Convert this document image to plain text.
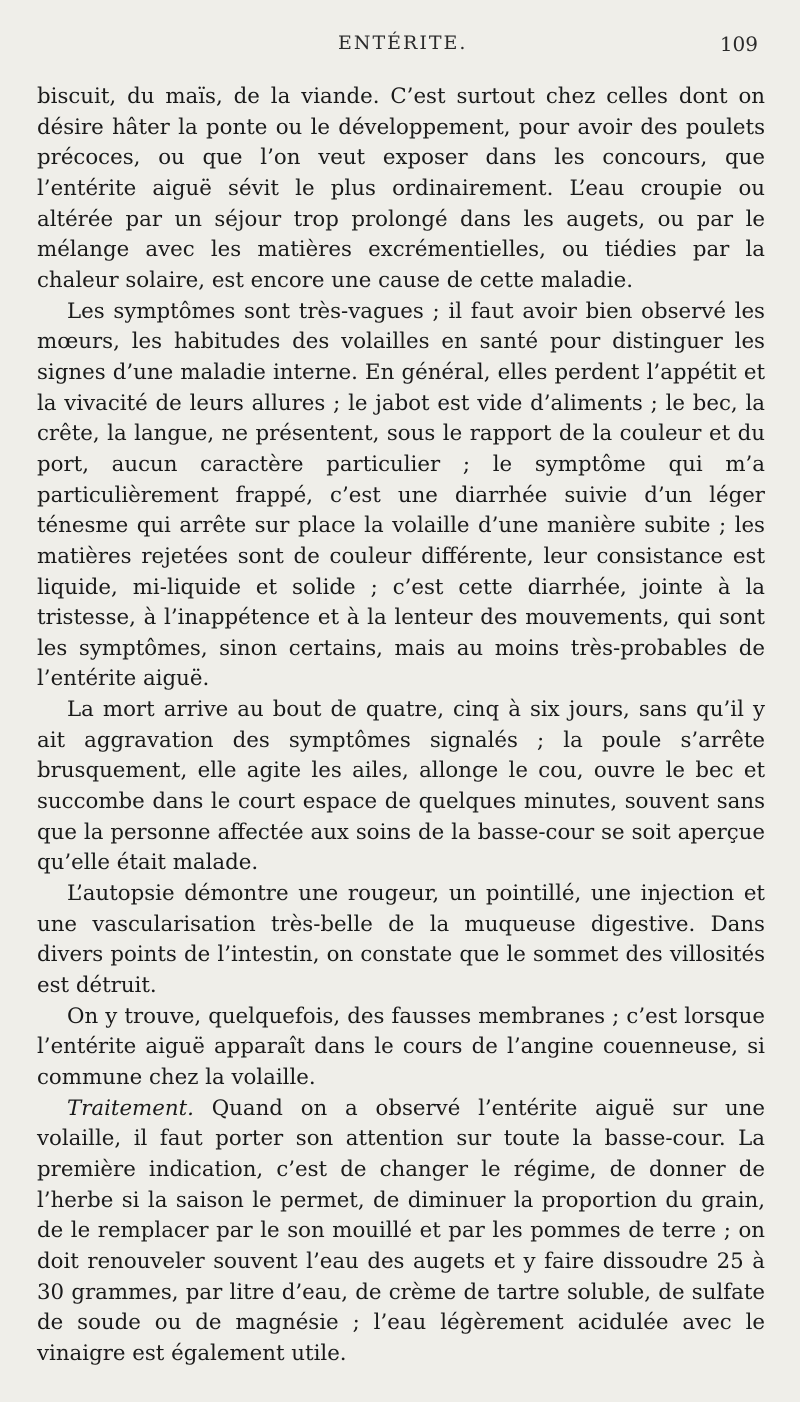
ENTÉRITE.	109

biscuit, du maïs, de la viande. C’est surtout chez celles dont on désire hâter la ponte ou le développement, pour avoir des poulets précoces, ou que l’on veut exposer dans les concours, que l’entérite aiguë sévit le plus ordinairement. L’eau croupie ou altérée par un séjour trop prolongé dans les augets, ou par le mélange avec les matières excrémentielles, ou tiédies par la chaleur solaire, est encore une cause de cette maladie.

Les symptômes sont très-vagues ; il faut avoir bien observé les mœurs, les habitudes des volailles en santé pour distinguer les signes d’une maladie interne. En général, elles perdent l’appétit et la vivacité de leurs allures ; le jabot est vide d’aliments ; le bec, la crête, la langue, ne présentent, sous le rapport de la couleur et du port, aucun caractère particulier ; le symptôme qui m’a particulièrement frappé, c’est une diarrhée suivie d’un léger ténesme qui arrête sur place la volaille d’une manière subite ; les matières rejetées sont de couleur différente, leur consistance est liquide, mi-liquide et solide ; c’est cette diarrhée, jointe à la tristesse, à l’inappétence et à la lenteur des mouvements, qui sont les symptômes, sinon certains, mais au moins très-probables de l’entérite aiguë.

La mort arrive au bout de quatre, cinq à six jours, sans qu’il y ait aggravation des symptômes signalés ; la poule s’arrête brusquement, elle agite les ailes, allonge le cou, ouvre le bec et succombe dans le court espace de quelques minutes, souvent sans que la personne affectée aux soins de la basse-cour se soit aperçue qu’elle était malade.

L’autopsie démontre une rougeur, un pointillé, une injection et une vascularisation très-belle de la muqueuse digestive. Dans divers points de l’intestin, on constate que le sommet des villosités est détruit.

On y trouve, quelquefois, des fausses membranes ; c’est lorsque l’entérite aiguë apparaît dans le cours de l’angine couenneuse, si commune chez la volaille.

Traitement. Quand on a observé l’entérite aiguë sur une volaille, il faut porter son attention sur toute la basse-cour. La première indication, c’est de changer le régime, de donner de l’herbe si la saison le permet, de diminuer la proportion du grain, de le remplacer par le son mouillé et par les pommes de terre ; on doit renouveler souvent l’eau des augets et y faire dissoudre 25 à 30 grammes, par litre d’eau, de crème de tartre soluble, de sulfate de soude ou de magnésie ; l’eau légèrement acidulée avec le vinaigre est également utile.
